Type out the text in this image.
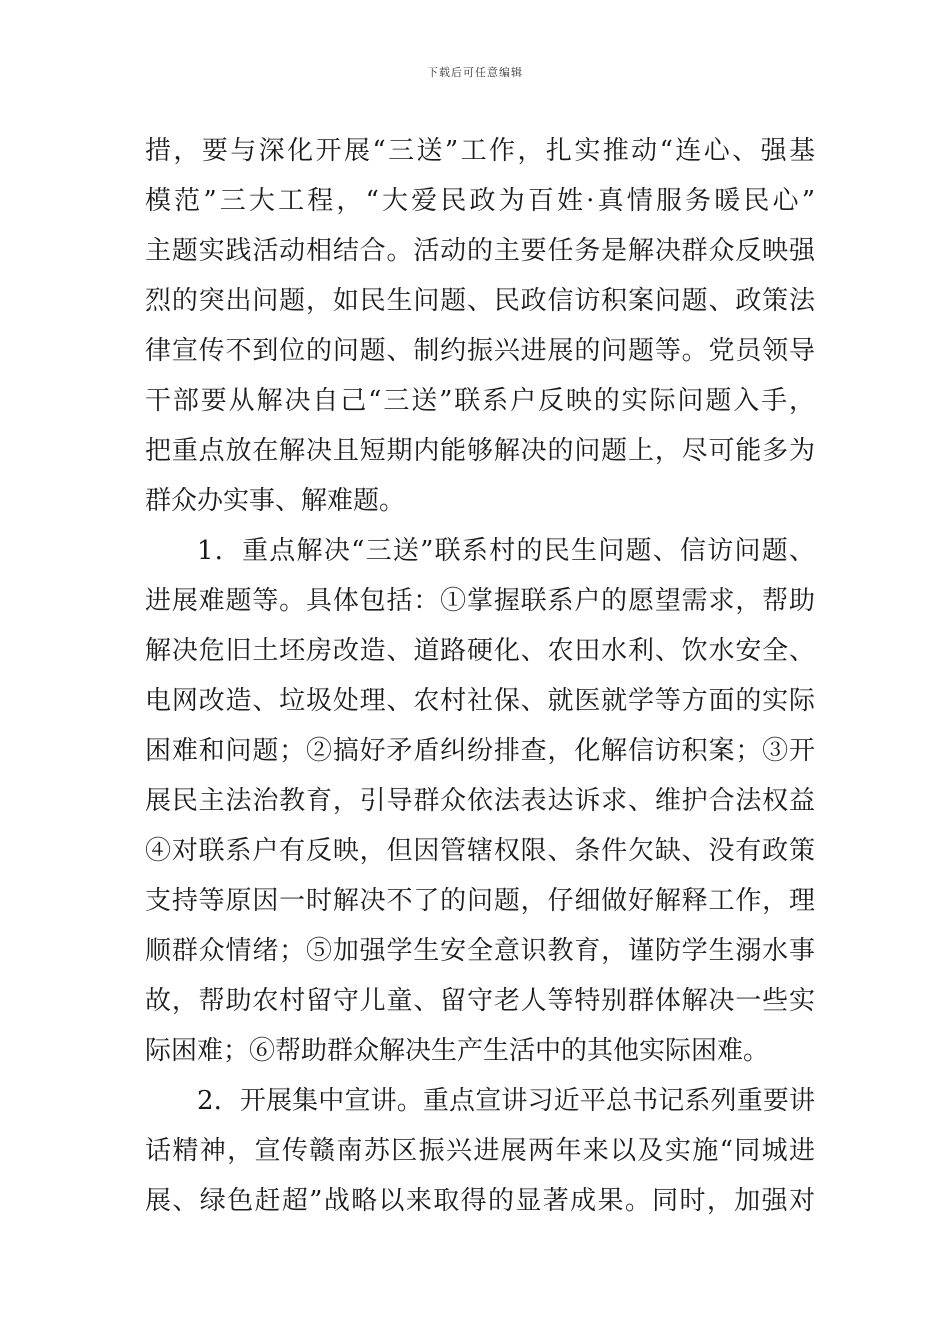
下载后可任意编辑
措，要与深化开展“三送”工作，扎实推动“连心、强基
模范”三大工程，“大爱民政为百姓·真情服务暖民心”
主题实践活动相结合。活动的主要任务是解决群众反映强
烈的突出问题，如民生问题、民政信访积案问题、政策法
律宣传不到位的问题、制约振兴进展的问题等。党员领导
干部要从解决自己“三送”联系户反映的实际问题入手，
把重点放在解决且短期内能够解决的问题上，尽可能多为
群众办实事、解难题。
1．重点解决“三送”联系村的民生问题、信访问题、
进展难题等。具体包括：①掌握联系户的愿望需求，帮助
解决危旧土坯房改造、道路硬化、农田水利、饮水安全、
电网改造、垃圾处理、农村社保、就医就学等方面的实际
困难和问题；②搞好矛盾纠纷排查，化解信访积案；③开
展民主法治教育，引导群众依法表达诉求、维护合法权益
④对联系户有反映，但因管辖权限、条件欠缺、没有政策
支持等原因一时解决不了的问题，仔细做好解释工作，理
顺群众情绪；⑤加强学生安全意识教育，谨防学生溺水事
故，帮助农村留守儿童、留守老人等特别群体解决一些实
际困难；⑥帮助群众解决生产生活中的其他实际困难。
2．开展集中宣讲。重点宣讲习近平总书记系列重要讲
话精神，宣传赣南苏区振兴进展两年来以及实施“同城进
展、绿色赶超”战略以来取得的显著成果。同时，加强对
